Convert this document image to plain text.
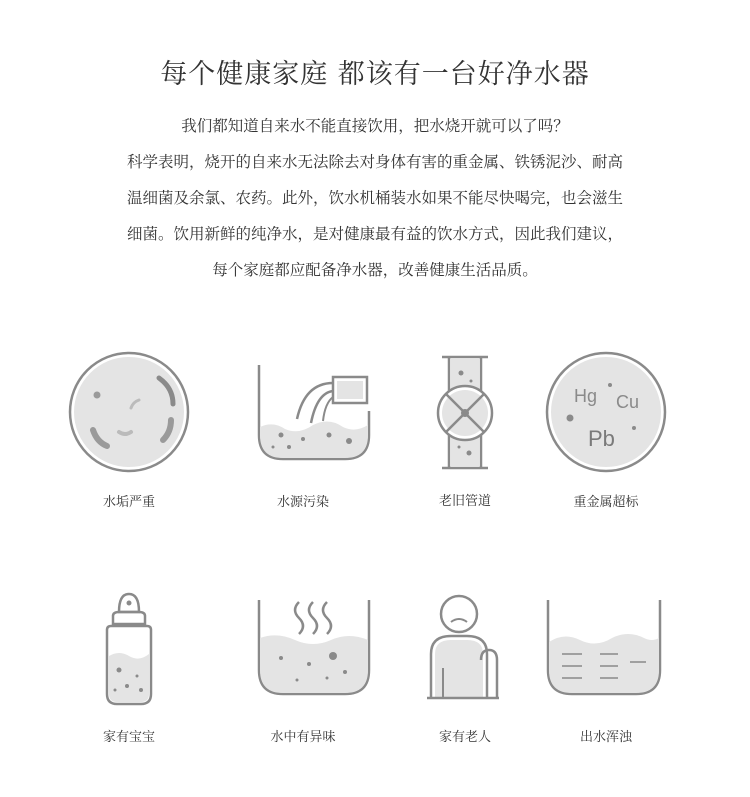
每个健康家庭 都该有一台好净水器

我们都知道自来水不能直接饮用，把水烧开就可以了吗？

科学表明，烧开的自来水无法除去对身体有害的重金属、铁锈泥沙、耐高

温细菌及余氯、农药。此外，饮水机桶装水如果不能尽快喝完，也会滋生

细菌。饮用新鲜的纯净水，是对健康最有益的饮水方式，因此我们建议，

每个家庭都应配备净水器，改善健康生活品质。

水垢严重	水源污染	老旧管道
Hg Cu
Pb
重金属超标
家有宝宝	水中有异味	家有老人	出水浑浊
